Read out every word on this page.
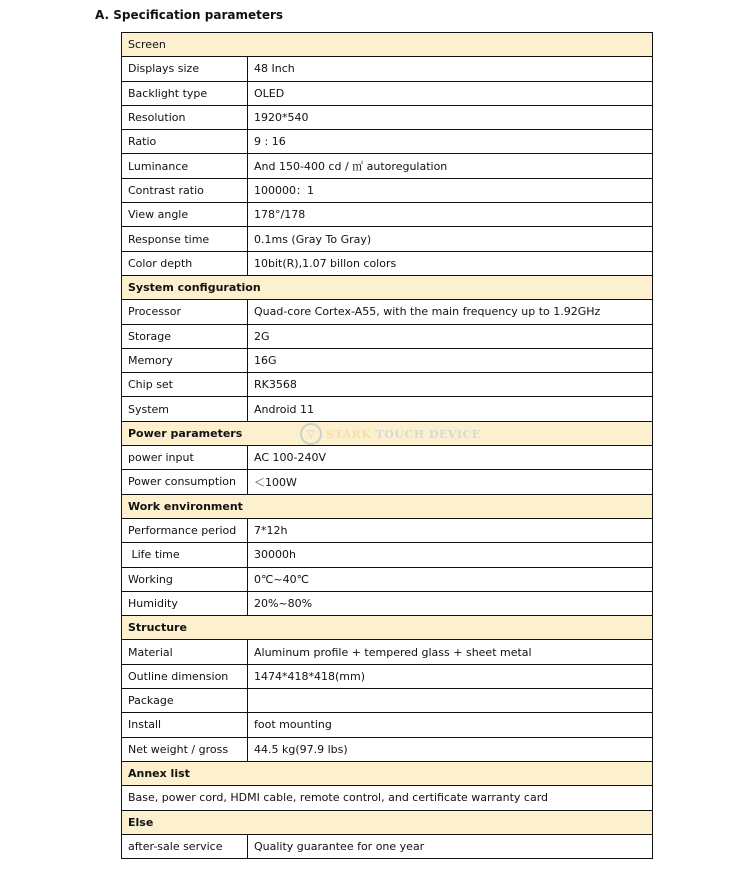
A. Specification parameters
Screen	
Displays size	48 Inch
Backlight type	OLED
Resolution	1920*540
Ratio	9 : 16
Luminance	And 150-400 cd / ㎡ autoregulation
Contrast ratio	100000：1
View angle	178°/178
Response time	0.1ms (Gray To Gray)
Color depth	10bit(R),1.07 billon colors
System configuration	
Processor	Quad-core Cortex-A55, with the main frequency up to 1.92GHz
Storage	2G
Memory	16G
Chip set	RK3568
System	Android 11
Power parameters	
power input	AC 100-240V
Power consumption	＜100W
Work environment	
Performance period	7*12h
Life time	30000h
Working	0℃~40℃
Humidity	20%~80%
Structure	
Material	Aluminum profile + tempered glass + sheet metal
Outline dimension	1474*418*418(mm)
Package	
Install	foot mounting
Net weight / gross	44.5 kg(97.9 lbs)
Annex list	
Base, power cord, HDMI cable, remote control, and certificate warranty card	
Else	
after-sale service	Quality guarantee for one year
▽	STARK TOUCH DEVICE
